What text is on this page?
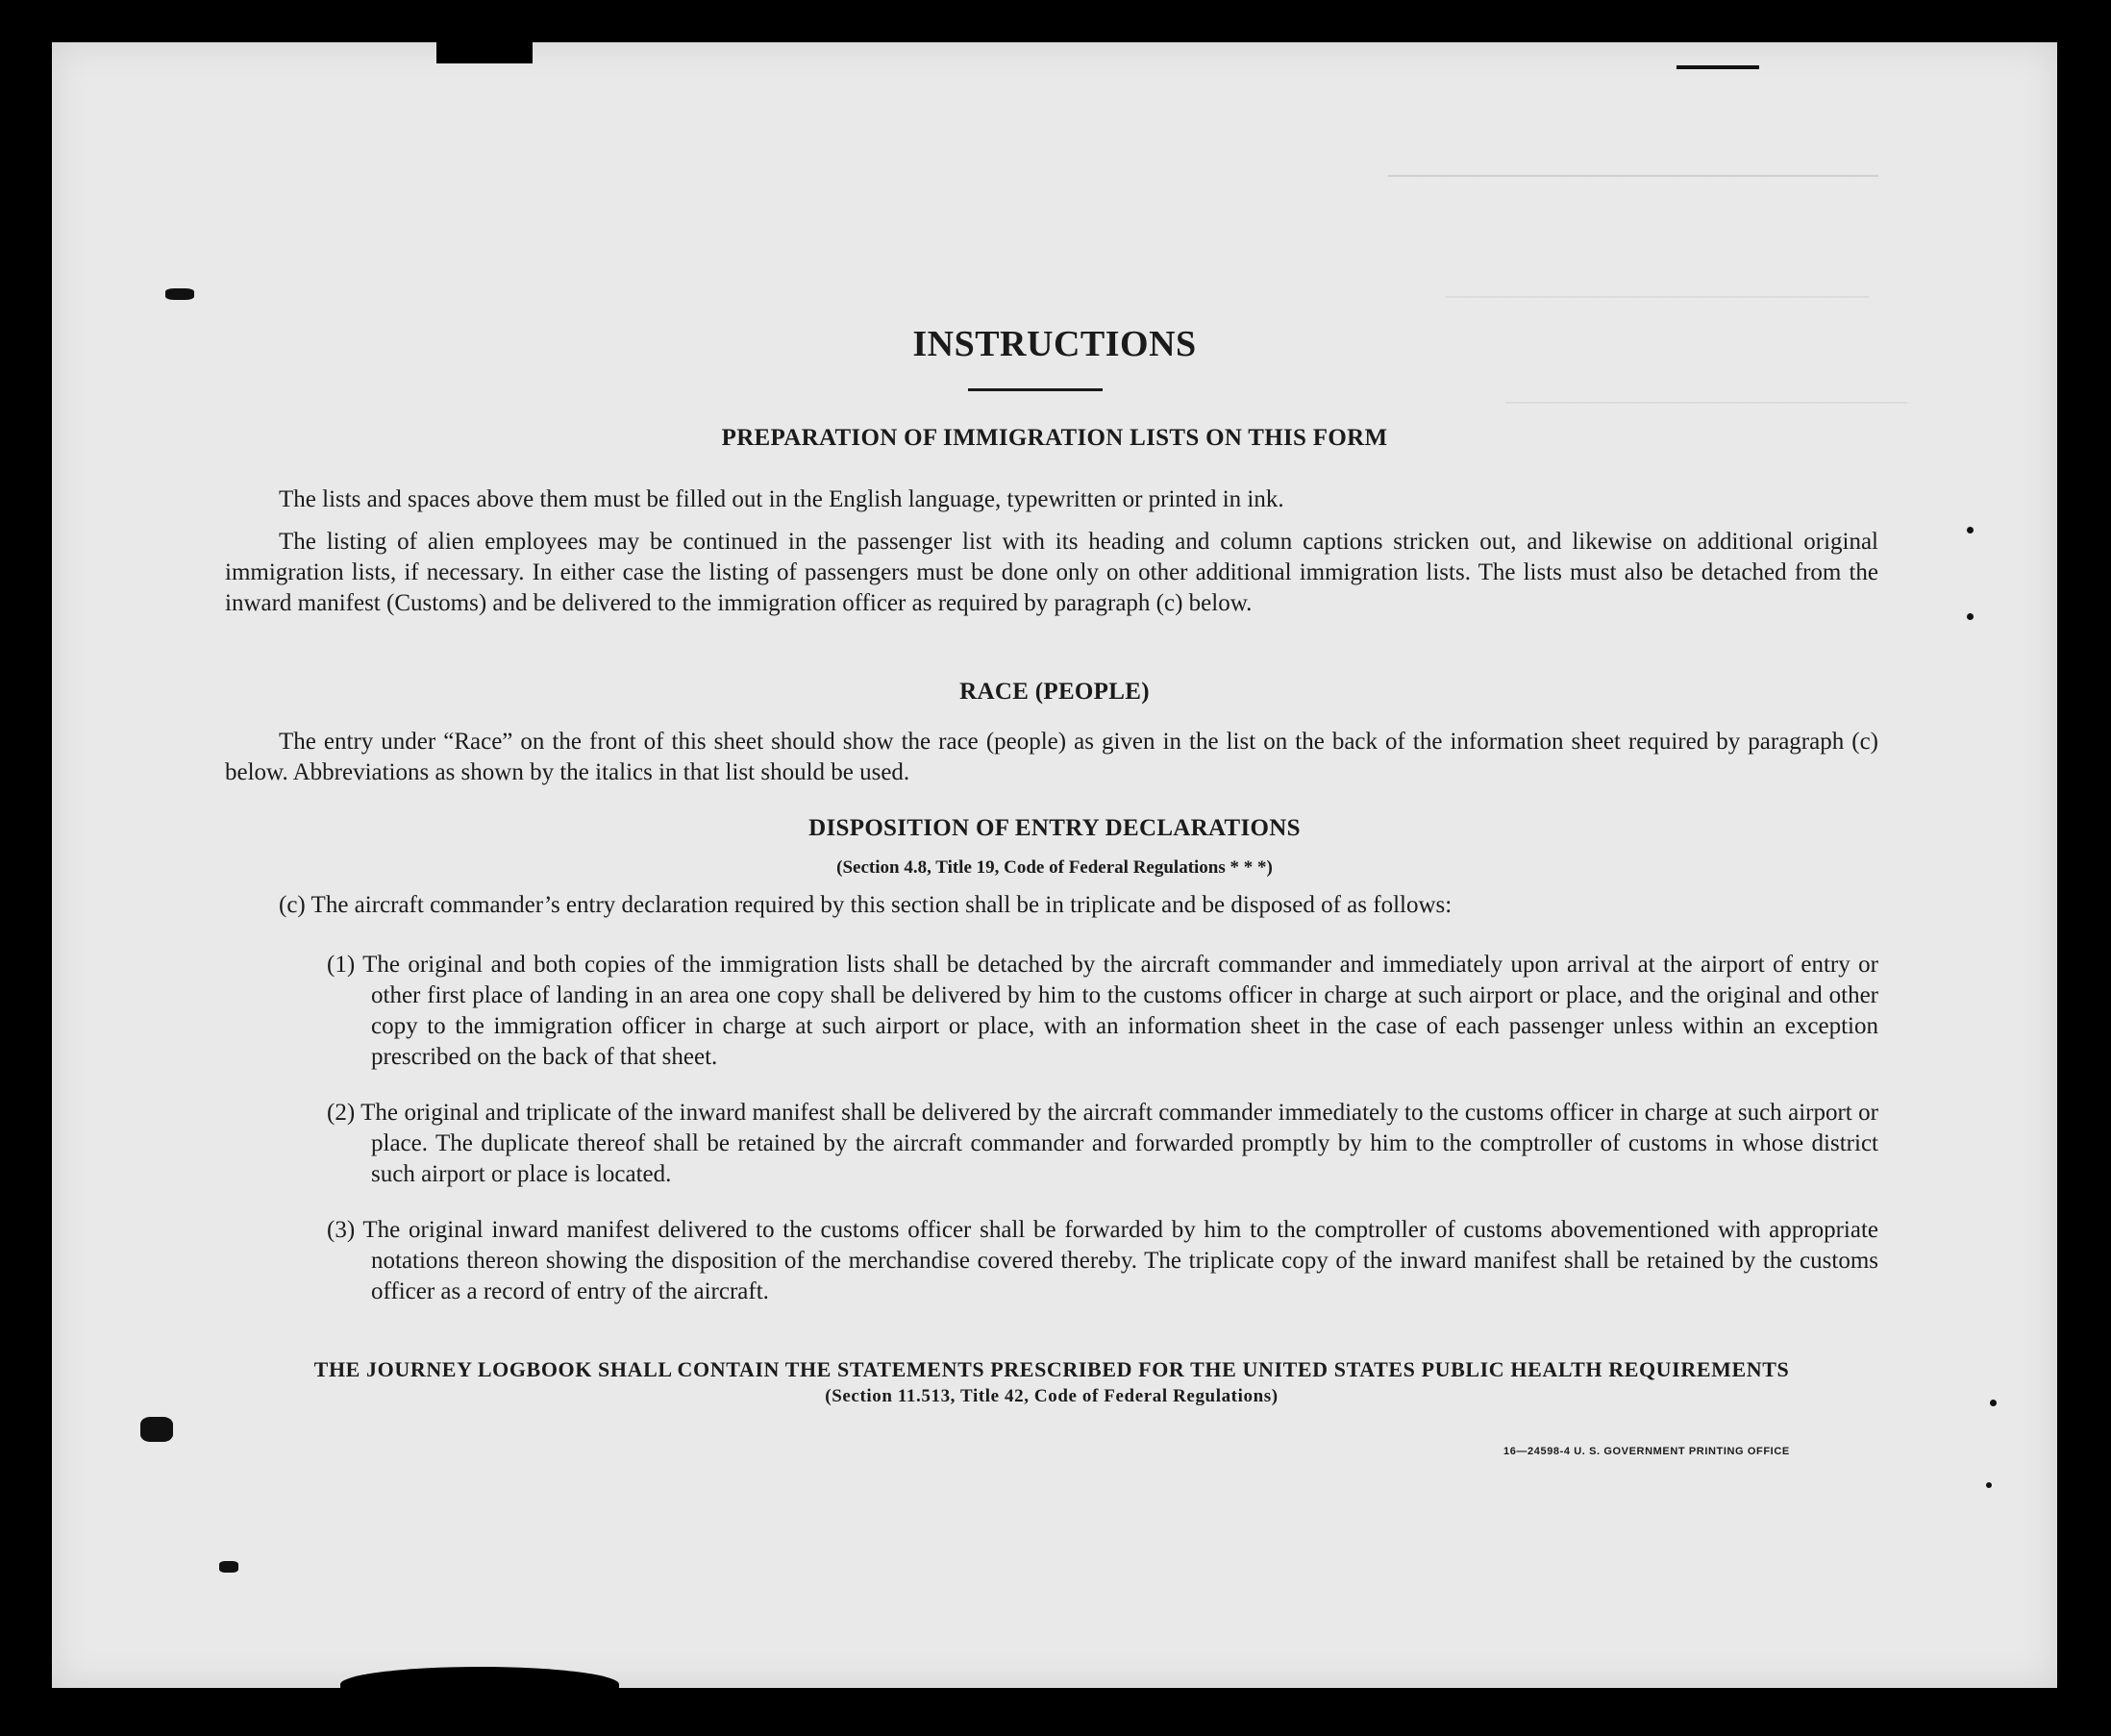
—————————————————
————————————————————
———————————————————
INSTRUCTIONS
PREPARATION OF IMMIGRATION LISTS ON THIS FORM
The lists and spaces above them must be filled out in the English language, typewritten or printed in ink.
The listing of alien employees may be continued in the passenger list with its heading and column captions stricken out, and likewise on additional original immigration lists, if necessary. In either case the listing of passengers must be done only on other additional immigration lists. The lists must also be detached from the inward manifest (Customs) and be delivered to the immigration officer as required by paragraph (c) below.
RACE (PEOPLE)
The entry under “Race” on the front of this sheet should show the race (people) as given in the list on the back of the information sheet required by paragraph (c) below. Abbreviations as shown by the italics in that list should be used.
DISPOSITION OF ENTRY DECLARATIONS
(Section 4.8, Title 19, Code of Federal Regulations * * *)
(c) The aircraft commander’s entry declaration required by this section shall be in triplicate and be disposed of as follows:
(1) The original and both copies of the immigration lists shall be detached by the aircraft commander and immediately upon arrival at the airport of entry or other first place of landing in an area one copy shall be delivered by him to the customs officer in charge at such airport or place, and the original and other copy to the immigration officer in charge at such airport or place, with an information sheet in the case of each passenger unless within an exception prescribed on the back of that sheet.
(2) The original and triplicate of the inward manifest shall be delivered by the aircraft commander immediately to the customs officer in charge at such airport or place. The duplicate thereof shall be retained by the aircraft commander and forwarded promptly by him to the comptroller of customs in whose district such airport or place is located.
(3) The original inward manifest delivered to the customs officer shall be forwarded by him to the comptroller of customs abovementioned with appropriate notations thereon showing the disposition of the merchandise covered thereby. The triplicate copy of the inward manifest shall be retained by the customs officer as a record of entry of the aircraft.
THE JOURNEY LOGBOOK SHALL CONTAIN THE STATEMENTS PRESCRIBED FOR THE UNITED STATES PUBLIC HEALTH REQUIREMENTS
(Section 11.513, Title 42, Code of Federal Regulations)
16—24598-4 U. S. GOVERNMENT PRINTING OFFICE
